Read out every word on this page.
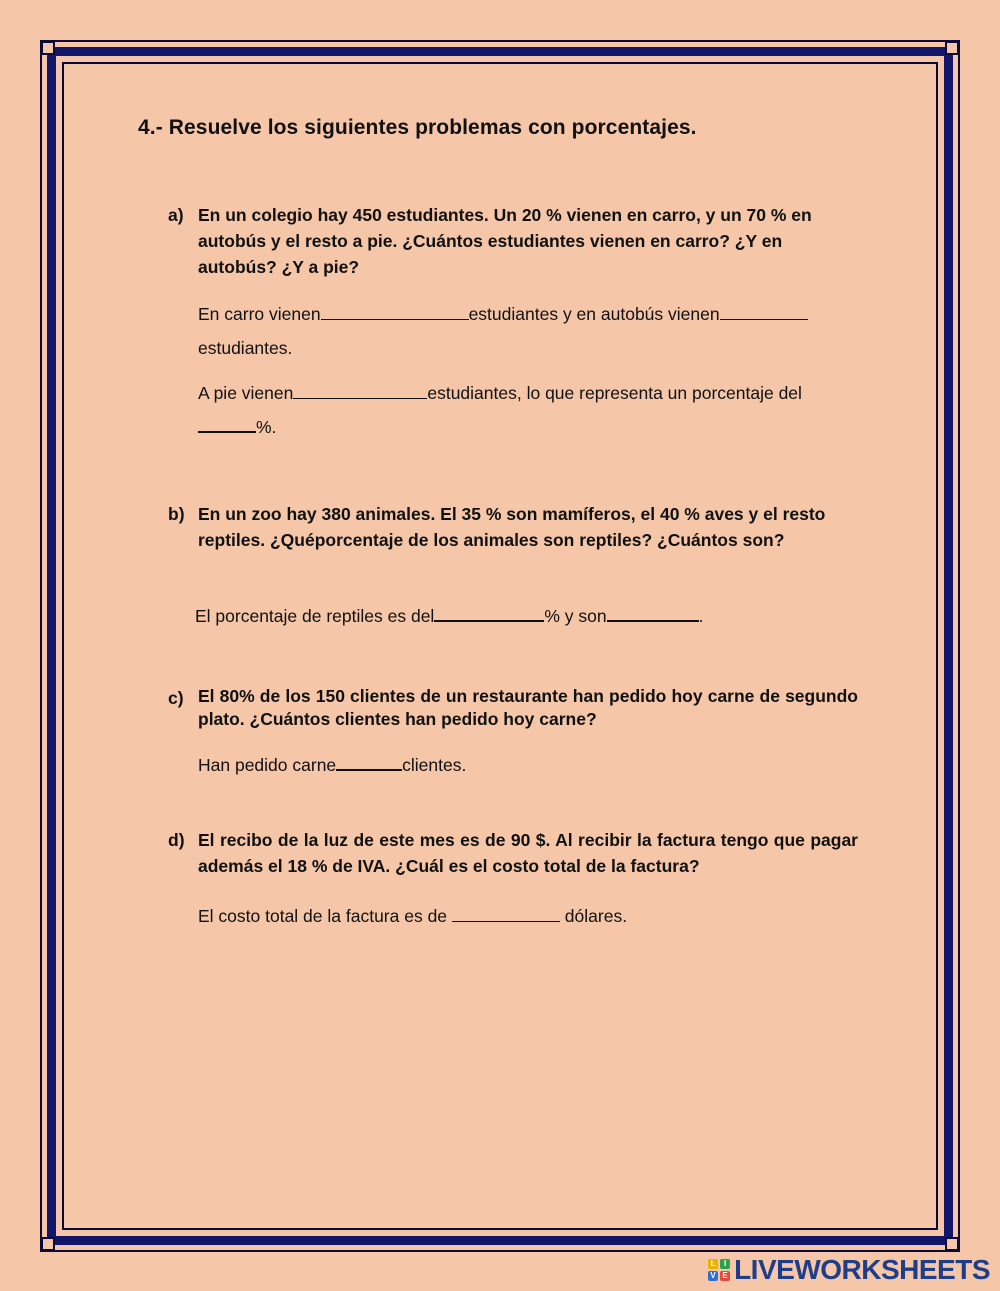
4.- Resuelve los siguientes problemas con porcentajes.
a) En un colegio hay 450 estudiantes. Un 20 % vienen en carro, y un 70 % en autobús y el resto a pie. ¿Cuántos estudiantes vienen en carro? ¿Y en autobús? ¿Y a pie?
En carro vienen	estudiantes y en autobús vienen
estudiantes.
A pie vienen	estudiantes, lo que representa un porcentaje del
%.
b) En un zoo hay 380 animales. El 35 % son mamíferos, el 40 % aves y el resto reptiles. ¿Quéporcentaje de los animales son reptiles? ¿Cuántos son?
El porcentaje de reptiles es del	% y son	.
c) El 80% de los 150 clientes de un restaurante han pedido hoy carne de segundo plato. ¿Cuántos clientes han pedido hoy carne?
Han pedido carne	clientes.
d) El recibo de la luz de este mes es de 90 $. Al recibir la factura tengo que pagar además el 18 % de IVA. ¿Cuál es el costo total de la factura?
El costo total de la factura es de	dólares.
L	I
V E LIVEWORKSHEETS
